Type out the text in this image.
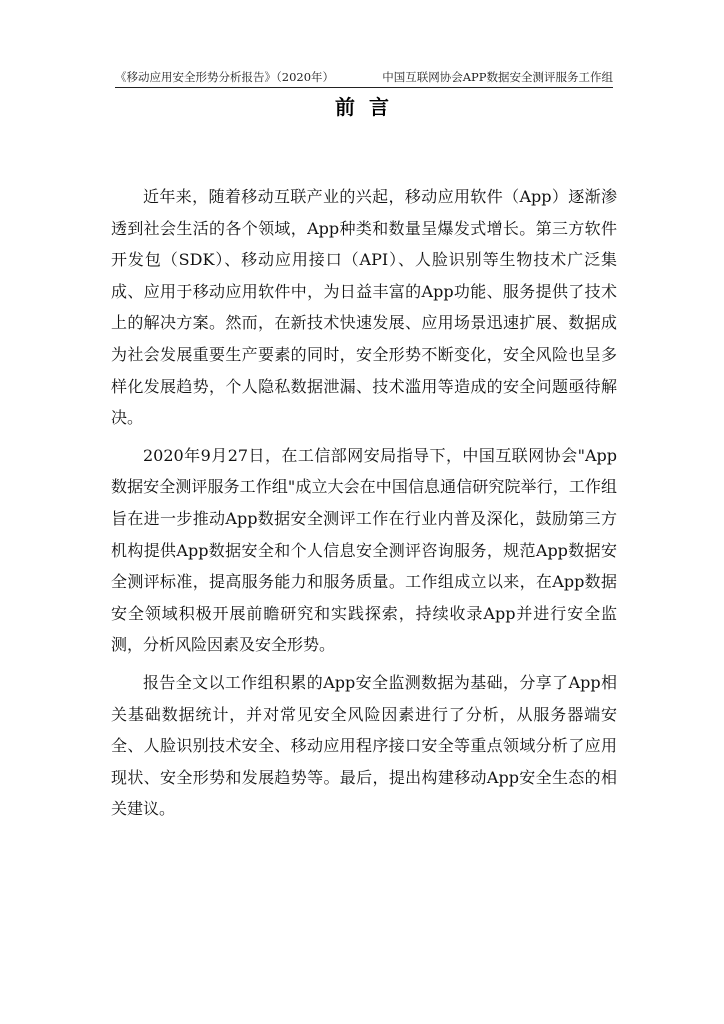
《移动应用安全形势分析报告》（2020年）	中国互联网协会APP数据安全测评服务工作组
前言

近年来，随着移动互联产业的兴起，移动应用软件（App）逐渐渗透到社会生活的各个领域，App种类和数量呈爆发式增长。第三方软件开发包（SDK）、移动应用接口（API）、人脸识别等生物技术广泛集成、应用于移动应用软件中，为日益丰富的App功能、服务提供了技术上的解决方案。然而，在新技术快速发展、应用场景迅速扩展、数据成为社会发展重要生产要素的同时，安全形势不断变化，安全风险也呈多样化发展趋势，个人隐私数据泄漏、技术滥用等造成的安全问题亟待解决。

2020年9月27日，在工信部网安局指导下，中国互联网协会"App数据安全测评服务工作组"成立大会在中国信息通信研究院举行，工作组旨在进一步推动App数据安全测评工作在行业内普及深化，鼓励第三方机构提供App数据安全和个人信息安全测评咨询服务，规范App数据安全测评标准，提高服务能力和服务质量。工作组成立以来，在App数据安全领域积极开展前瞻研究和实践探索，持续收录App并进行安全监测，分析风险因素及安全形势。

报告全文以工作组积累的App安全监测数据为基础，分享了App相关基础数据统计，并对常见安全风险因素进行了分析，从服务器端安全、人脸识别技术安全、移动应用程序接口安全等重点领域分析了应用现状、安全形势和发展趋势等。最后，提出构建移动App安全生态的相关建议。
